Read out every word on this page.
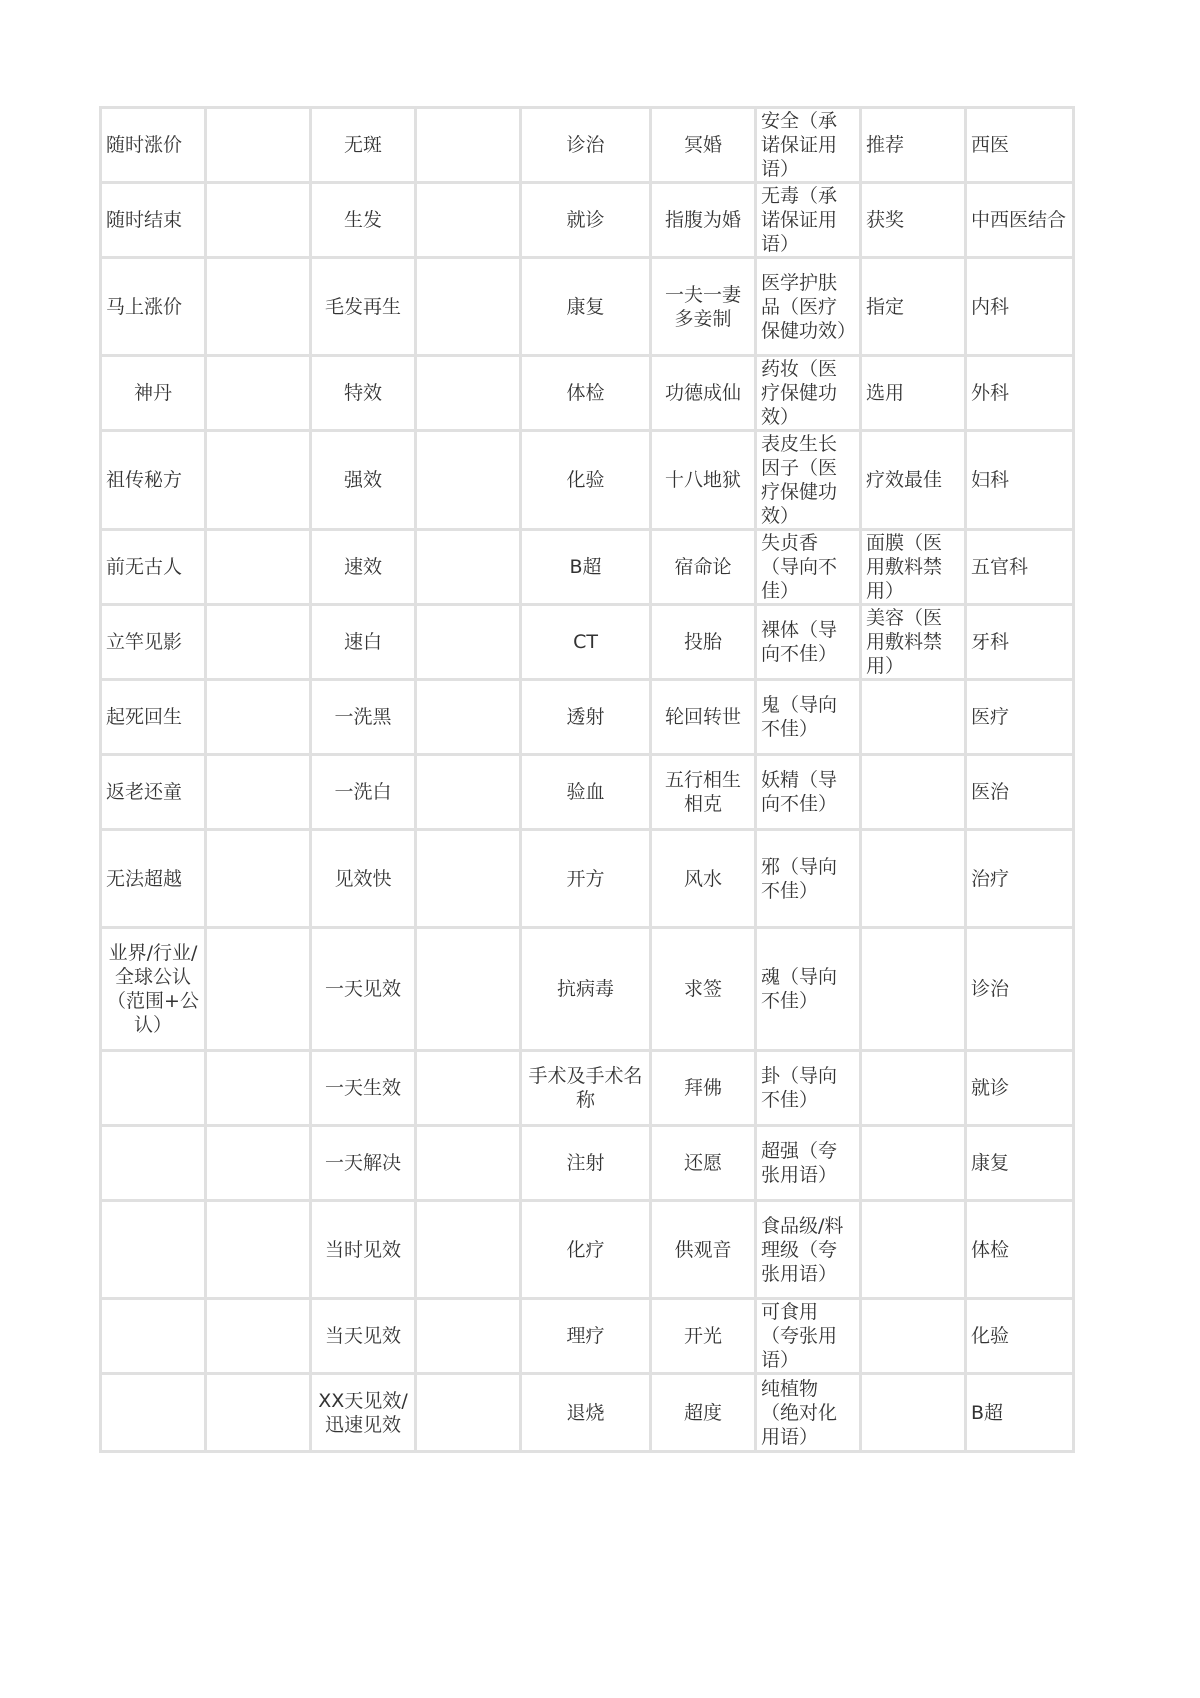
随时涨价		无斑		诊治	冥婚	安全（承诺保证用语）	推荐	西医
随时结束		生发		就诊	指腹为婚	无毒（承诺保证用语）	获奖	中西医结合
马上涨价		毛发再生		康复	一夫一妻多妾制	医学护肤品（医疗保健功效）	指定	内科
神丹		特效		体检	功德成仙	药妆（医疗保健功效）	选用	外科
祖传秘方		强效		化验	十八地狱	表皮生长因子（医疗保健功效）	疗效最佳	妇科
前无古人		速效		B超	宿命论	失贞香（导向不佳）	面膜（医用敷料禁用）	五官科
立竿见影		速白		CT	投胎	裸体（导向不佳）	美容（医用敷料禁用）	牙科
起死回生		一洗黑		透射	轮回转世	鬼（导向不佳）		医疗
返老还童		一洗白		验血	五行相生相克	妖精（导向不佳）		医治
无法超越		见效快		开方	风水	邪（导向不佳）		治疗
业界/行业/全球公认（范围+公认）		一天见效		抗病毒	求签	魂（导向不佳）		诊治
		一天生效		手术及手术名称	拜佛	卦（导向不佳）		就诊
		一天解决		注射	还愿	超强（夸张用语）		康复
		当时见效		化疗	供观音	食品级/料理级（夸张用语）		体检
		当天见效		理疗	开光	可食用（夸张用语）		化验
		XX天见效/迅速见效		退烧	超度	纯植物（绝对化用语）		B超
